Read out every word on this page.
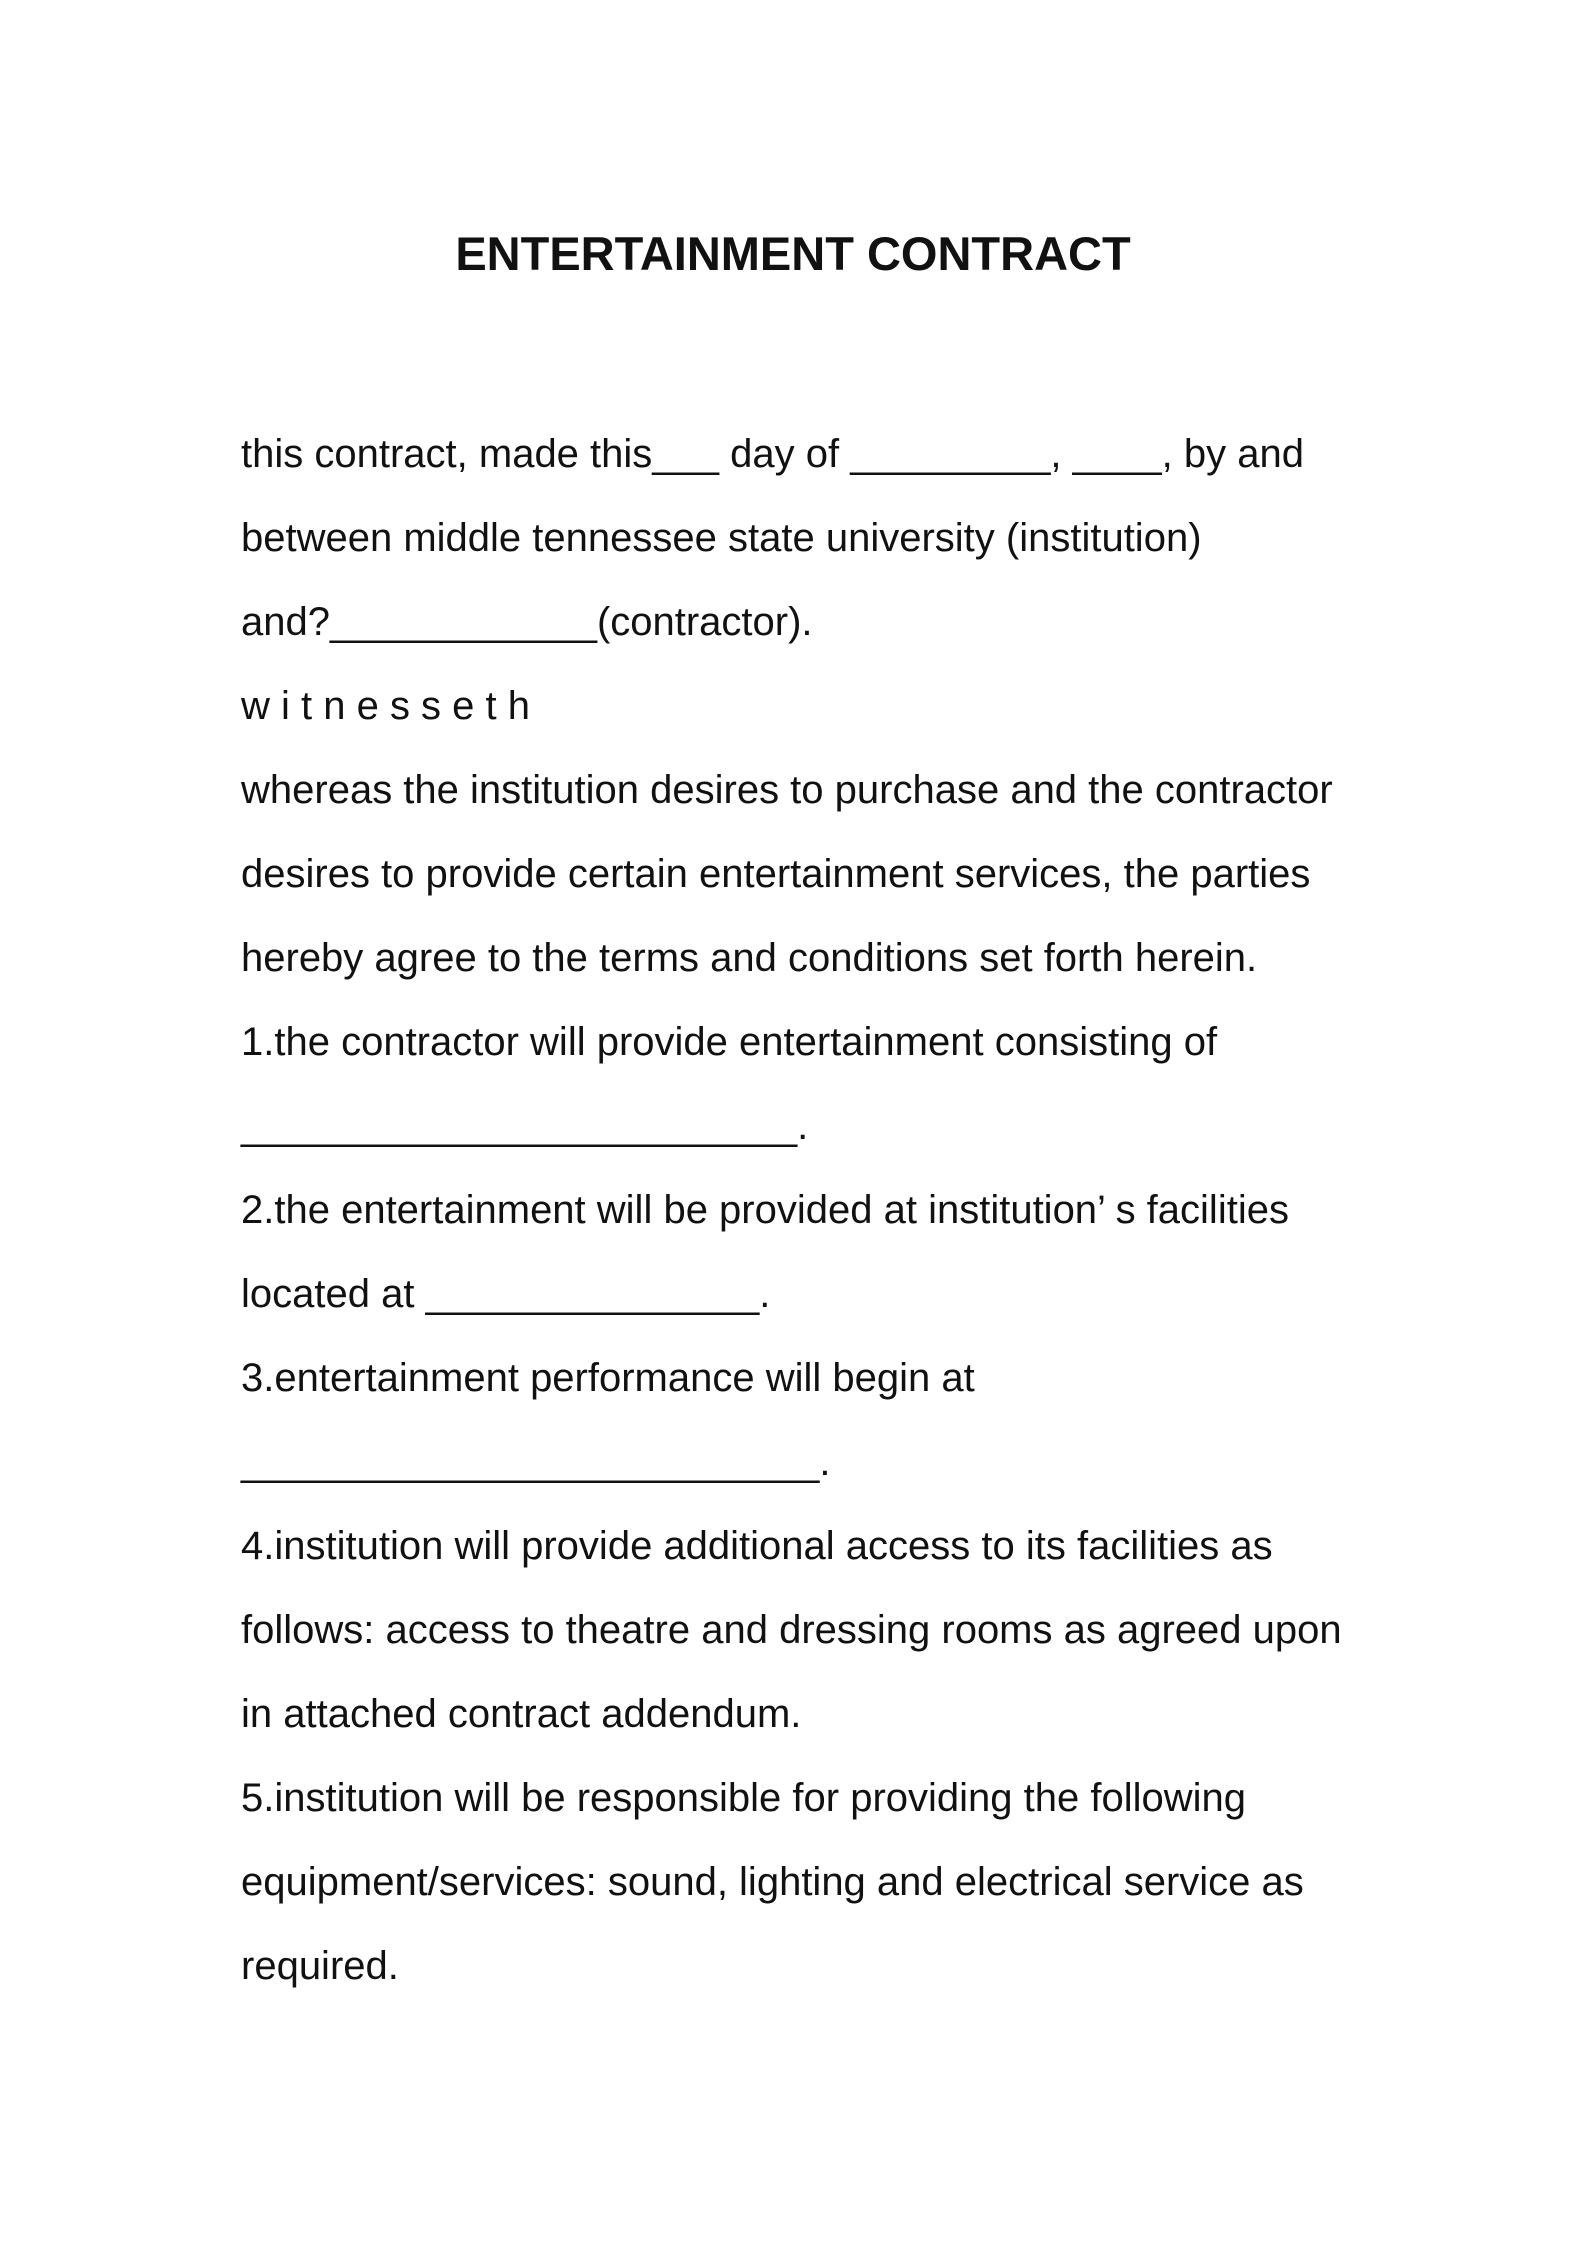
ENTERTAINMENT CONTRACT
this contract, made this___ day of _________, ____, by and
between middle tennessee state university (institution)
and?____________(contractor).
w i t n e s s e t h
whereas the institution desires to purchase and the contractor
desires to provide certain entertainment services, the parties
hereby agree to the terms and conditions set forth herein.
1.the contractor will provide entertainment consisting of
_________________________.
2.the entertainment will be provided at institution’ s facilities
located at _______________.
3.entertainment performance will begin at
__________________________.
4.institution will provide additional access to its facilities as
follows: access to theatre and dressing rooms as agreed upon
in attached contract addendum.
5.institution will be responsible for providing the following
equipment/services: sound, lighting and electrical service as
required.
